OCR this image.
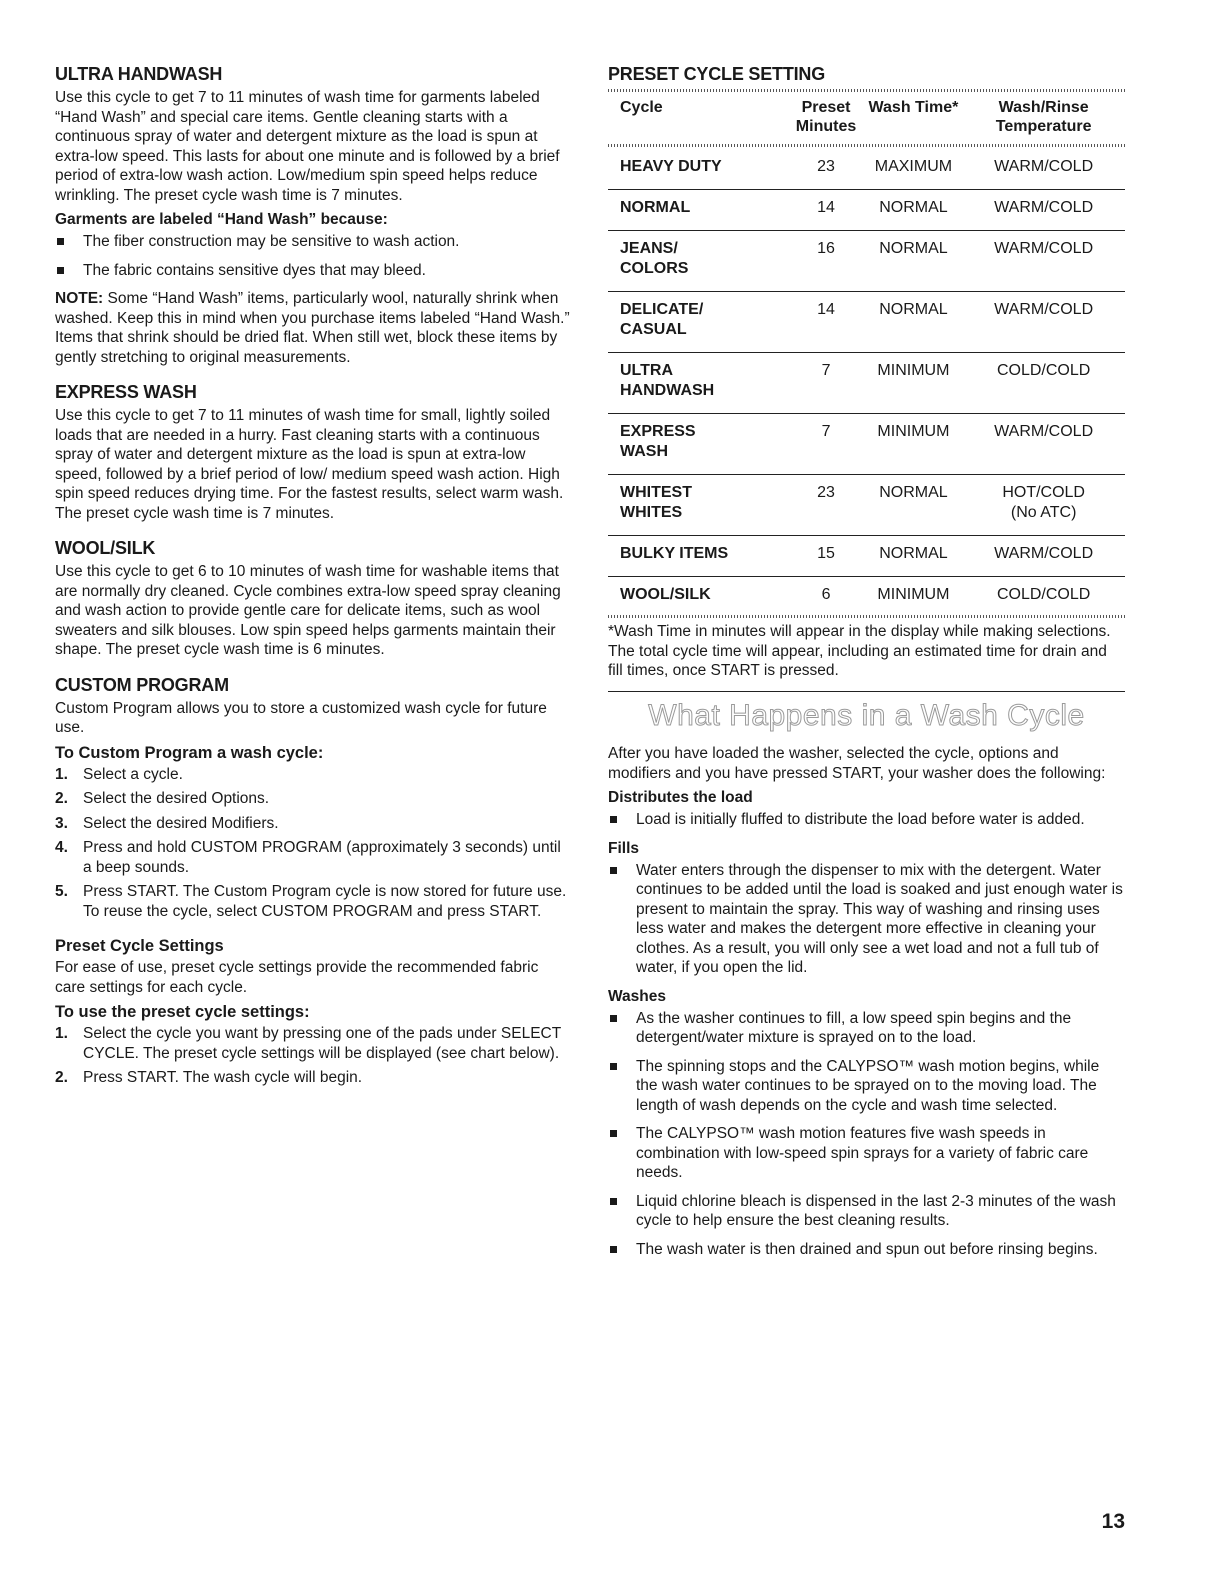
ULTRA HANDWASH

Use this cycle to get 7 to 11 minutes of wash time for garments labeled “Hand Wash” and special care items. Gentle cleaning starts with a continuous spray of water and detergent mixture as the load is spun at extra-low speed. This lasts for about one minute and is followed by a brief period of extra-low wash action. Low/medium spin speed helps reduce wrinkling. The preset cycle wash time is 7 minutes.

Garments are labeled “Hand Wash” because:
The fiber construction may be sensitive to wash action.
The fabric contains sensitive dyes that may bleed.

NOTE: Some “Hand Wash” items, particularly wool, naturally shrink when washed. Keep this in mind when you purchase items labeled “Hand Wash.” Items that shrink should be dried flat. When still wet, block these items by gently stretching to original measurements.

EXPRESS WASH

Use this cycle to get 7 to 11 minutes of wash time for small, lightly soiled loads that are needed in a hurry. Fast cleaning starts with a continuous spray of water and detergent mixture as the load is spun at extra-low speed, followed by a brief period of low/ medium speed wash action. High spin speed reduces drying time. For the fastest results, select warm wash. The preset cycle wash time is 7 minutes.

WOOL/SILK

Use this cycle to get 6 to 10 minutes of wash time for washable items that are normally dry cleaned. Cycle combines extra-low speed spray cleaning and wash action to provide gentle care for delicate items, such as wool sweaters and silk blouses. Low spin speed helps garments maintain their shape. The preset cycle wash time is 6 minutes.

CUSTOM PROGRAM

Custom Program allows you to store a customized wash cycle for future use.

To Custom Program a wash cycle:
1. Select a cycle.
2. Select the desired Options.
3. Select the desired Modifiers.
4. Press and hold CUSTOM PROGRAM (approximately 3 seconds) until a beep sounds.
5. Press START. The Custom Program cycle is now stored for future use. To reuse the cycle, select CUSTOM PROGRAM and press START.
Preset Cycle Settings

For ease of use, preset cycle settings provide the recommended fabric care settings for each cycle.

To use the preset cycle settings:
1. Select the cycle you want by pressing one of the pads under SELECT CYCLE. The preset cycle settings will be displayed (see chart below).
2. Press START. The wash cycle will begin.
PRESET CYCLE SETTING
Cycle	Preset Minutes	Wash Time*	Wash/Rinse Temperature

HEAVY DUTY	23	MAXIMUM	WARM/COLD
NORMAL	14	NORMAL	WARM/COLD
JEANS/ COLORS	16	NORMAL	WARM/COLD
DELICATE/ CASUAL	14	NORMAL	WARM/COLD
ULTRA HANDWASH	7	MINIMUM	COLD/COLD
EXPRESS WASH	7	MINIMUM	WARM/COLD
WHITEST WHITES	23	NORMAL	HOT/COLD (No ATC)
BULKY ITEMS	15	NORMAL	WARM/COLD
WOOL/SILK	6	MINIMUM	COLD/COLD

*Wash Time in minutes will appear in the display while making selections. The total cycle time will appear, including an estimated time for drain and fill times, once START is pressed.

What Happens in a Wash Cycle

After you have loaded the washer, selected the cycle, options and modifiers and you have pressed START, your washer does the following:

Distributes the load
Load is initially fluffed to distribute the load before water is added.
Fills
Water enters through the dispenser to mix with the detergent. Water continues to be added until the load is soaked and just enough water is present to maintain the spray. This way of washing and rinsing uses less water and makes the detergent more effective in cleaning your clothes. As a result, you will only see a wet load and not a full tub of water, if you open the lid.
Washes
As the washer continues to fill, a low speed spin begins and the detergent/water mixture is sprayed on to the load.
The spinning stops and the CALYPSO™ wash motion begins, while the wash water continues to be sprayed on to the moving load. The length of wash depends on the cycle and wash time selected.
The CALYPSO™ wash motion features five wash speeds in combination with low-speed spin sprays for a variety of fabric care needs.
Liquid chlorine bleach is dispensed in the last 2-3 minutes of the wash cycle to help ensure the best cleaning results.
The wash water is then drained and spun out before rinsing begins.
13
